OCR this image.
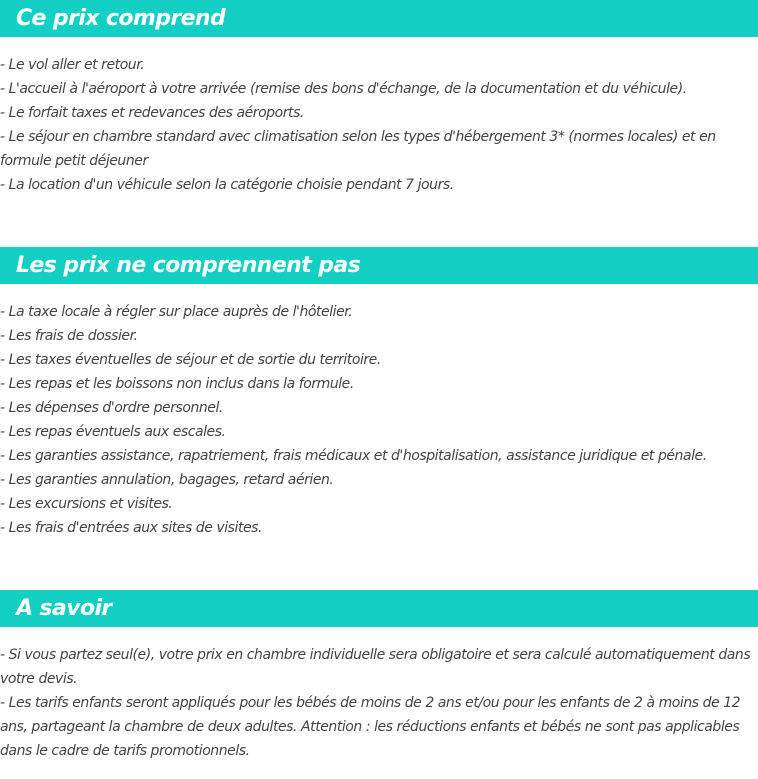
Ce prix comprend
- Le vol aller et retour.
- L'accueil à l'aéroport à votre arrivée (remise des bons d'échange, de la documentation et du véhicule).
- Le forfait taxes et redevances des aéroports.
- Le séjour en chambre standard avec climatisation selon les types d'hébergement 3* (normes locales) et en formule petit déjeuner
- La location d'un véhicule selon la catégorie choisie pendant 7 jours.
Les prix ne comprennent pas
- La taxe locale à régler sur place auprès de l'hôtelier.
- Les frais de dossier.
- Les taxes éventuelles de séjour et de sortie du territoire.
- Les repas et les boissons non inclus dans la formule.
- Les dépenses d'ordre personnel.
- Les repas éventuels aux escales.
- Les garanties assistance, rapatriement, frais médicaux et d'hospitalisation, assistance juridique et pénale.
- Les garanties annulation, bagages, retard aérien.
- Les excursions et visites.
- Les frais d'entrées aux sites de visites.
A savoir
- Si vous partez seul(e), votre prix en chambre individuelle sera obligatoire et sera calculé automatiquement dans votre devis.
- Les tarifs enfants seront appliqués pour les bébés de moins de 2 ans et/ou pour les enfants de 2 à moins de 12 ans, partageant la chambre de deux adultes. Attention : les réductions enfants et bébés ne sont pas applicables dans le cadre de tarifs promotionnels.
